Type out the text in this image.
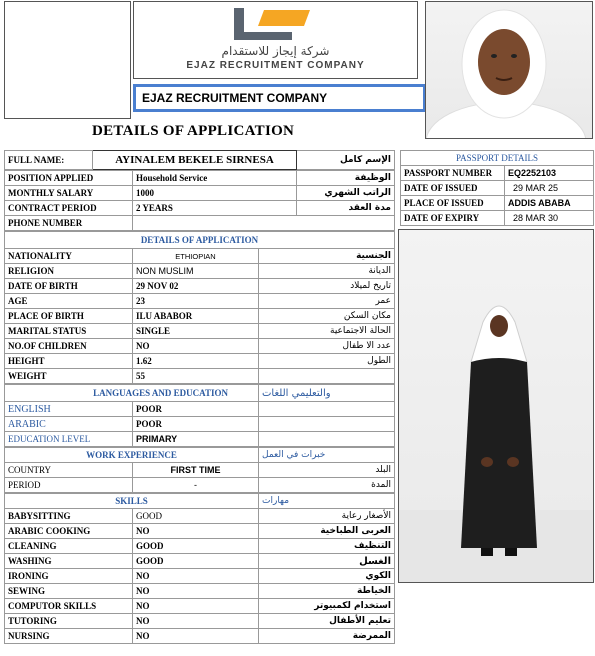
شركة إيجاز للاستقدام
EJAZ RECRUITMENT COMPANY
EJAZ RECRUITMENT COMPANY
DETAILS OF APPLICATION
FULL NAME:	AYINALEM BEKELE SIRNESA	الإسم كامل
POSITION APPLIED	Household Service	الوظيفة
MONTHLY SALARY	1000	الراتب الشهري
CONTRACT PERIOD	2 YEARS	مدة العقد
PHONE NUMBER		
DETAILS OF APPLICATION		
NATIONALITY	ETHIOPIAN	الجنسية
RELIGION	NON MUSLIM	الديانة
DATE OF BIRTH	29 NOV 02	تاريخ لميلاد
AGE	23	عمر
PLACE OF BIRTH	ILU ABABOR	مكان السكن
MARITAL STATUS	SINGLE	الحالة الاجتماعية
NO.OF CHILDREN	NO	عدد الا طفال
HEIGHT	1.62	الطول
WEIGHT	55	
LANGUAGES AND EDUCATION		والتعليمي اللغات
ENGLISH	POOR	
ARABIC	POOR	
EDUCATION LEVEL	PRIMARY	
WORK EXPERIENCE		خبرات في العمل
COUNTRY	FIRST TIME	البلد
PERIOD	-	المدة
SKILLS		مهارات
BABYSITTING	GOOD	الأصغار رعاية
ARABIC COOKING	NO	العربى الطباخية
CLEANING	GOOD	التنظيف
WASHING	GOOD	الغسل
IRONING	NO	الكوي
SEWING	NO	الخياطة
COMPUTOR SKILLS	NO	استخدام لكمبيوتر
TUTORING	NO	تعليم الأطفال
NURSING	NO	الممرضة
PASSPORT DETAILS	
PASSPORT NUMBER	EQ2252103
DATE OF ISSUED	29 MAR 25
PLACE OF ISSUED	ADDIS ABABA
DATE OF EXPIRY	28 MAR 30
